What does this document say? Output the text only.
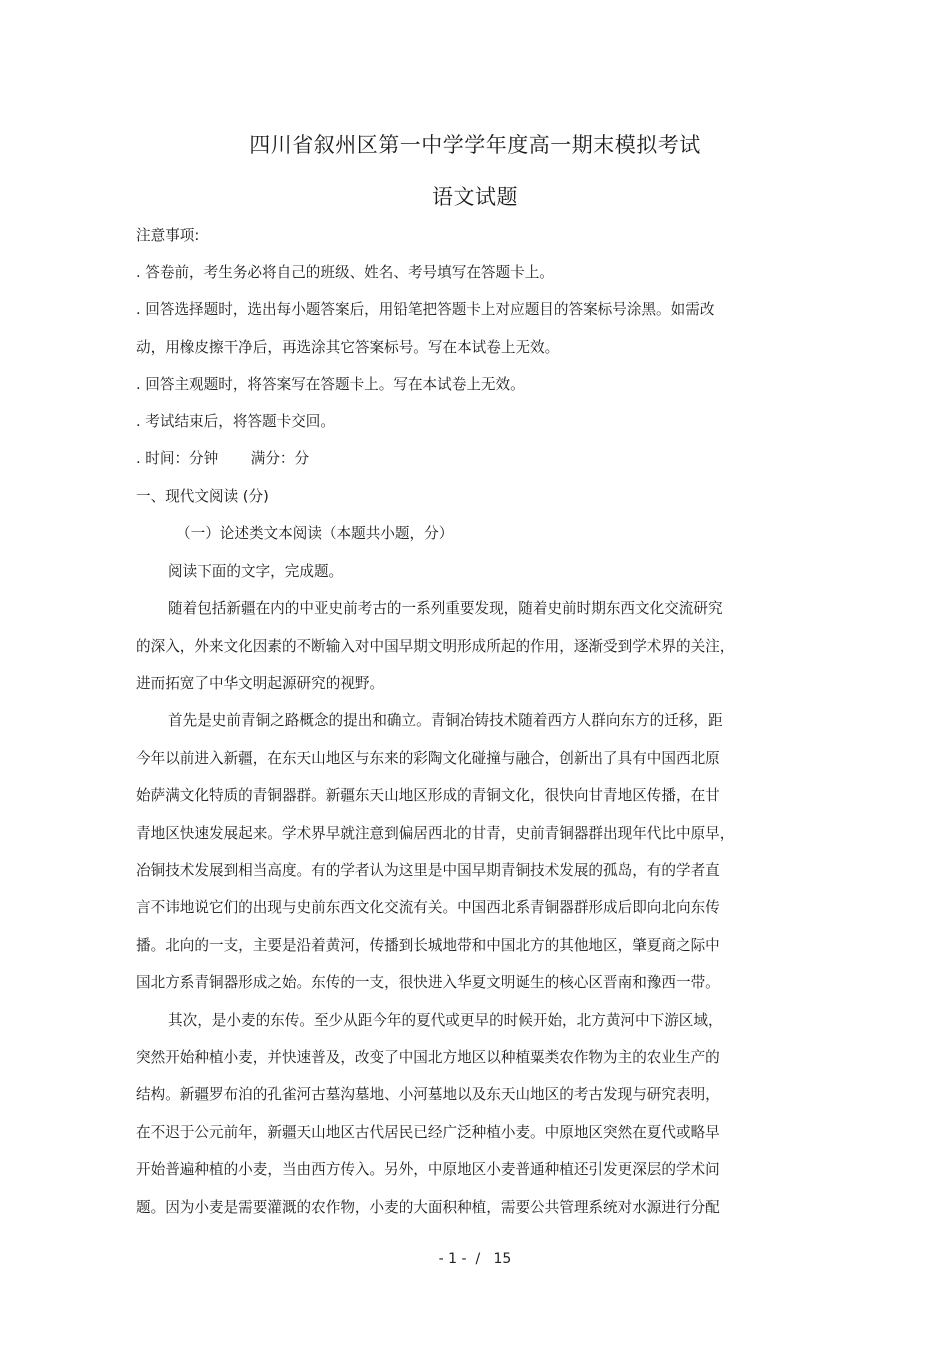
四川省叙州区第一中学学年度高一期末模拟考试
语文试题
注意事项:
. 答卷前，考生务必将自己的班级、姓名、考号填写在答题卡上。
. 回答选择题时，选出每小题答案后，用铅笔把答题卡上对应题目的答案标号涂黑。如需改
动，用橡皮擦干净后，再选涂其它答案标号。写在本试卷上无效。
. 回答主观题时，将答案写在答题卡上。写在本试卷上无效。
. 考试结束后，将答题卡交回。
. 时间：分钟       满分：分
一、现代文阅读 (分)
（一）论述类文本阅读（本题共小题，分）
阅读下面的文字，完成题。
随着包括新疆在内的中亚史前考古的一系列重要发现，随着史前时期东西文化交流研究
的深入，外来文化因素的不断输入对中国早期文明形成所起的作用，逐渐受到学术界的关注，
进而拓宽了中华文明起源研究的视野。
首先是史前青铜之路概念的提出和确立。青铜冶铸技术随着西方人群向东方的迁移，距
今年以前进入新疆，在东天山地区与东来的彩陶文化碰撞与融合，创新出了具有中国西北原
始萨满文化特质的青铜器群。新疆东天山地区形成的青铜文化，很快向甘青地区传播，在甘
青地区快速发展起来。学术界早就注意到偏居西北的甘青，史前青铜器群出现年代比中原早，
冶铜技术发展到相当高度。有的学者认为这里是中国早期青铜技术发展的孤岛，有的学者直
言不讳地说它们的出现与史前东西文化交流有关。中国西北系青铜器群形成后即向北向东传
播。北向的一支，主要是沿着黄河，传播到长城地带和中国北方的其他地区，肇夏商之际中
国北方系青铜器形成之始。东传的一支，很快进入华夏文明诞生的核心区晋南和豫西一带。
其次，是小麦的东传。至少从距今年的夏代或更早的时候开始，北方黄河中下游区域，
突然开始种植小麦，并快速普及，改变了中国北方地区以种植粟类农作物为主的农业生产的
结构。新疆罗布泊的孔雀河古墓沟墓地、小河墓地以及东天山地区的考古发现与研究表明，
在不迟于公元前年，新疆天山地区古代居民已经广泛种植小麦。中原地区突然在夏代或略早
开始普遍种植的小麦，当由西方传入。另外，中原地区小麦普通种植还引发更深层的学术问
题。因为小麦是需要灌溉的农作物，小麦的大面积种植，需要公共管理系统对水源进行分配
- 1 -  /   15
